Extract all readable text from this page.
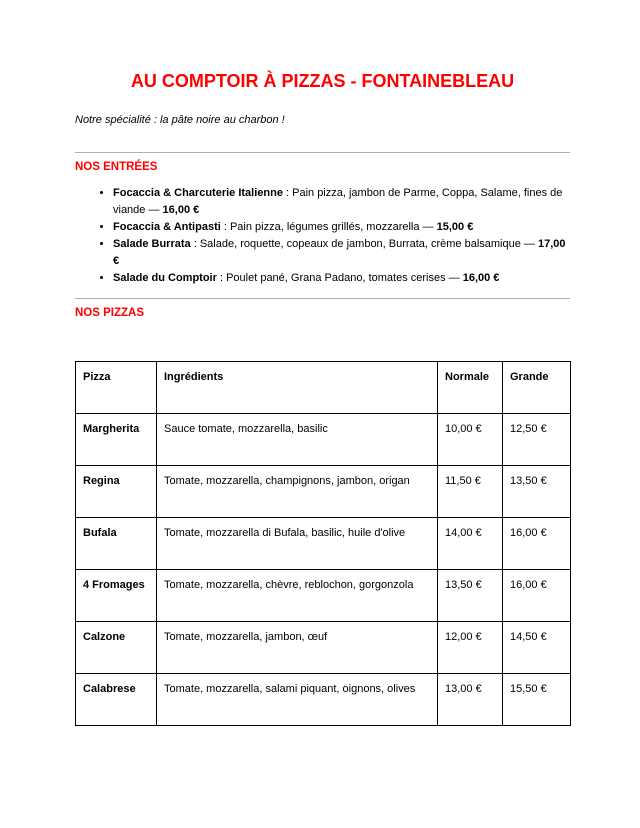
AU COMPTOIR À PIZZAS - FONTAINEBLEAU

Notre spécialité : la pâte noire au charbon !

NOS ENTRÉES
• Focaccia & Charcuterie Italienne : Pain pizza, jambon de Parme, Coppa, Salame, fines de viande — 16,00 €
• Focaccia & Antipasti : Pain pizza, légumes grillés, mozzarella — 15,00 €
• Salade Burrata : Salade, roquette, copeaux de jambon, Burrata, crème balsamique — 17,00 €
• Salade du Comptoir : Poulet pané, Grana Padano, tomates cerises — 16,00 €
NOS PIZZAS
Pizza	Ingrédients	Normale	Grande
Margherita	Sauce tomate, mozzarella, basilic	10,00 €	12,50 €
Regina	Tomate, mozzarella, champignons, jambon, origan	11,50 €	13,50 €
Bufala	Tomate, mozzarella di Bufala, basilic, huile d'olive	14,00 €	16,00 €
4 Fromages	Tomate, mozzarella, chèvre, reblochon, gorgonzola	13,50 €	16,00 €
Calzone	Tomate, mozzarella, jambon, œuf	12,00 €	14,50 €
Calabrese	Tomate, mozzarella, salami piquant, oignons, olives	13,00 €	15,50 €
